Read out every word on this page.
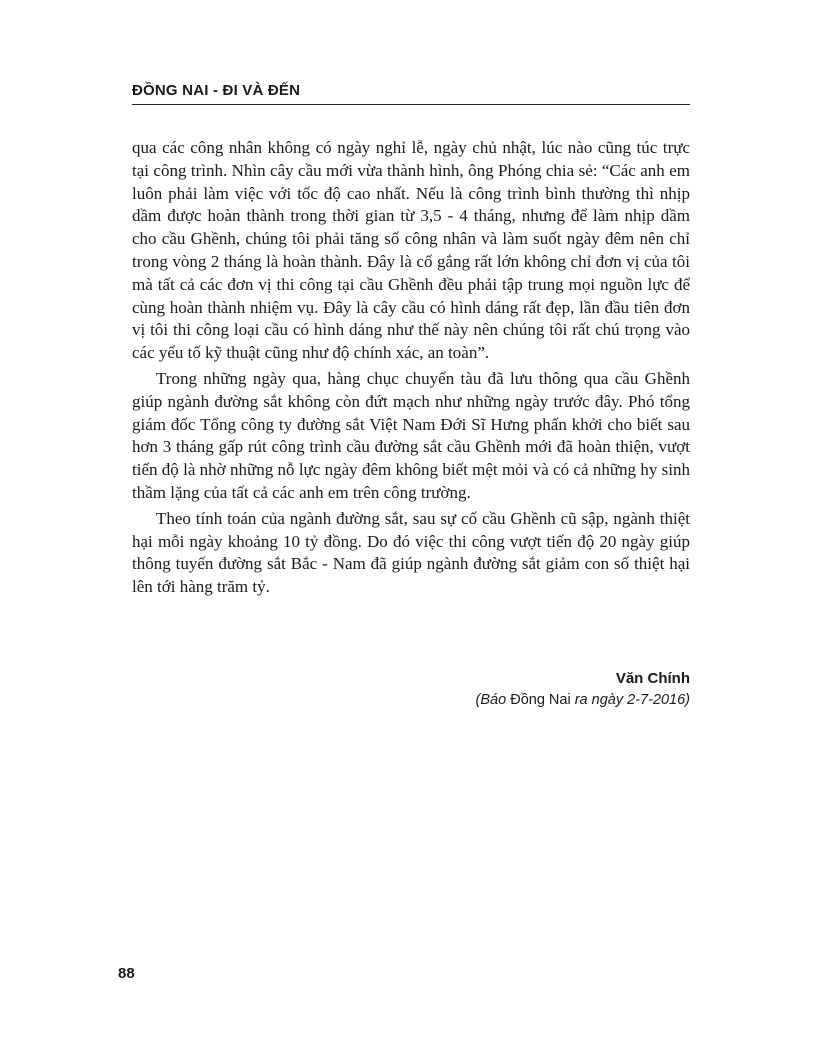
ĐỒNG NAI - ĐI VÀ ĐẾN

qua các công nhân không có ngày nghỉ lễ, ngày chủ nhật, lúc nào cũng túc trực tại công trình. Nhìn cây cầu mới vừa thành hình, ông Phóng chia sẻ: “Các anh em luôn phải làm việc với tốc độ cao nhất. Nếu là công trình bình thường thì nhịp dầm được hoàn thành trong thời gian từ 3,5 - 4 tháng, nhưng để làm nhịp dầm cho cầu Ghềnh, chúng tôi phải tăng số công nhân và làm suốt ngày đêm nên chỉ trong vòng 2 tháng là hoàn thành. Đây là cố gắng rất lớn không chỉ đơn vị của tôi mà tất cả các đơn vị thi công tại cầu Ghềnh đều phải tập trung mọi nguồn lực để cùng hoàn thành nhiệm vụ. Đây là cây cầu có hình dáng rất đẹp, lần đầu tiên đơn vị tôi thi công loại cầu có hình dáng như thế này nên chúng tôi rất chú trọng vào các yếu tố kỹ thuật cũng như độ chính xác, an toàn”.

Trong những ngày qua, hàng chục chuyến tàu đã lưu thông qua cầu Ghềnh giúp ngành đường sắt không còn đứt mạch như những ngày trước đây. Phó tổng giám đốc Tổng công ty đường sắt Việt Nam Đới Sĩ Hưng phấn khởi cho biết sau hơn 3 tháng gấp rút công trình cầu đường sắt cầu Ghềnh mới đã hoàn thiện, vượt tiến độ là nhờ những nỗ lực ngày đêm không biết mệt mỏi và có cả những hy sinh thầm lặng của tất cả các anh em trên công trường.

Theo tính toán của ngành đường sắt, sau sự cố cầu Ghềnh cũ sập, ngành thiệt hại mỗi ngày khoảng 10 tỷ đồng. Do đó việc thi công vượt tiến độ 20 ngày giúp thông tuyến đường sắt Bắc - Nam đã giúp ngành đường sắt giảm con số thiệt hại lên tới hàng trăm tỷ.

Văn Chính
(Báo Đồng Nai ra ngày 2-7-2016)
88
